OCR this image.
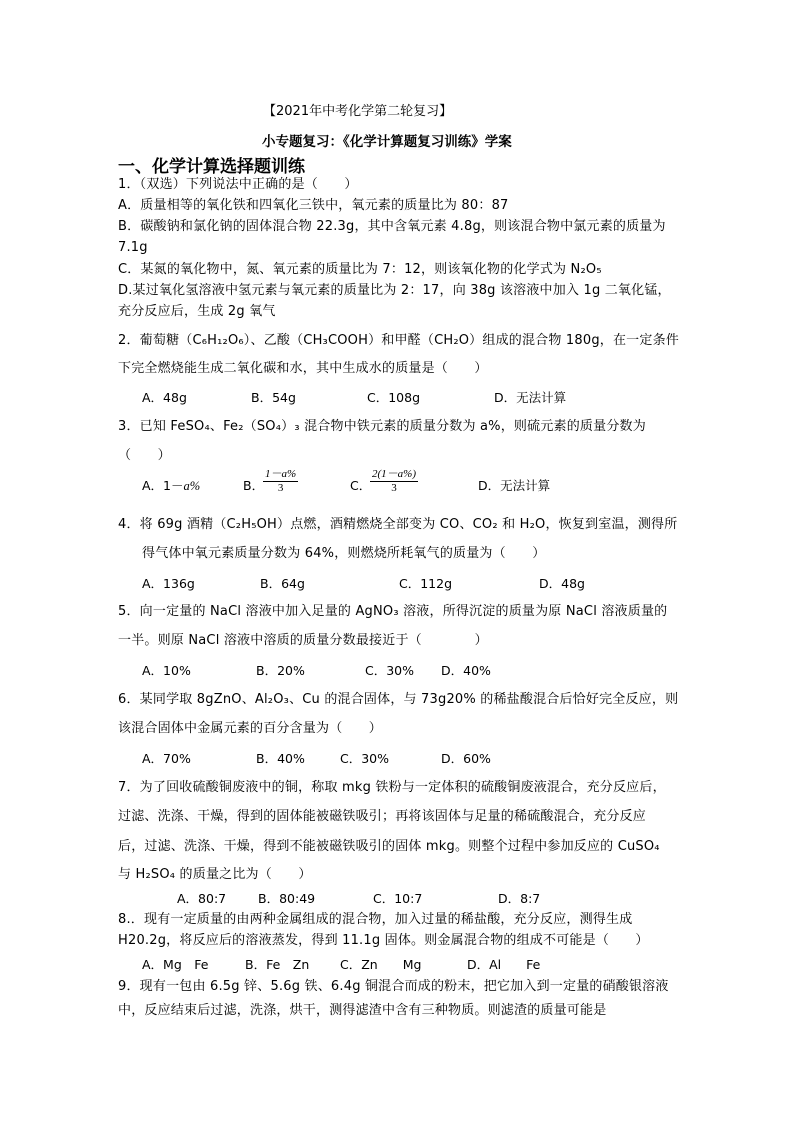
【2021年中考化学第二轮复习】
小专题复习：《化学计算题复习训练》学案
一、化学计算选择题训练
1．（双选）下列说法中正确的是（　　）
A．质量相等的氧化铁和四氧化三铁中，氧元素的质量比为 80：87
B．碳酸钠和氯化钠的固体混合物 22.3g，其中含氧元素 4.8g，则该混合物中氯元素的质量为
7.1g
C．某氮的氧化物中，氮、氧元素的质量比为 7：12，则该氧化物的化学式为 N₂O₅
D.某过氧化氢溶液中氢元素与氧元素的质量比为 2：17，向 38g 该溶液中加入 1g 二氧化锰，
充分反应后，生成 2g 氧气
2．葡萄糖（C₆H₁₂O₆）、乙酸（CH₃COOH）和甲醛（CH₂O）组成的混合物 180g，在一定条件
下完全燃烧能生成二氧化碳和水，其中生成水的质量是（　　）
A．48g	B．54g	C．108g	D．无法计算
3．已知 FeSO₄、Fe₂（SO₄）₃ 混合物中铁元素的质量分数为 a%，则硫元素的质量分数为
（　　）
A．1－a%	B．
$\frac{1-a\%}{3}$	C．
$\frac{2(1-a\%)}{3}$	D．无法计算
4．将 69g 酒精（C₂H₅OH）点燃，酒精燃烧全部变为 CO、CO₂ 和 H₂O，恢复到室温，测得所
得气体中氧元素质量分数为 64%，则燃烧所耗氧气的质量为（　　）
A．136g	B．64g	C．112g	D．48g
5．向一定量的 NaCl 溶液中加入足量的 AgNO₃ 溶液，所得沉淀的质量为原 NaCl 溶液质量的
一半。则原 NaCl 溶液中溶质的质量分数最接近于（　　　　）
A．10%	B．20%	C．30% D．40%
6．某同学取 8gZnO、Al₂O₃、Cu 的混合固体，与 73g20% 的稀盐酸混合后恰好完全反应，则
该混合固体中金属元素的百分含量为（　　）
A．70%	B．40%	C．30%	D．60%
7．为了回收硫酸铜废液中的铜，称取 mkg 铁粉与一定体积的硫酸铜废液混合，充分反应后，
过滤、洗涤、干燥，得到的固体能被磁铁吸引；再将该固体与足量的稀硫酸混合，充分反应
后，过滤、洗涤、干燥，得到不能被磁铁吸引的固体 mkg。则整个过程中参加反应的 CuSO₄
与 H₂SO₄ 的质量之比为（　　）
A．80:7	B．80:49	C．10:7	D．8:7
8.．现有一定质量的由两种金属组成的混合物，加入过量的稀盐酸，充分反应，测得生成
H20.2g，将反应后的溶液蒸发，得到 11.1g 固体。则金属混合物的组成不可能是（　　）
A．Mg　Fe	B．Fe　Zn C．Zn　　Mg	D．Al　　Fe
9．现有一包由 6.5g 锌、5.6g 铁、6.4g 铜混合而成的粉末，把它加入到一定量的硝酸银溶液
中，反应结束后过滤，洗涤，烘干，测得滤渣中含有三种物质。则滤渣的质量可能是
